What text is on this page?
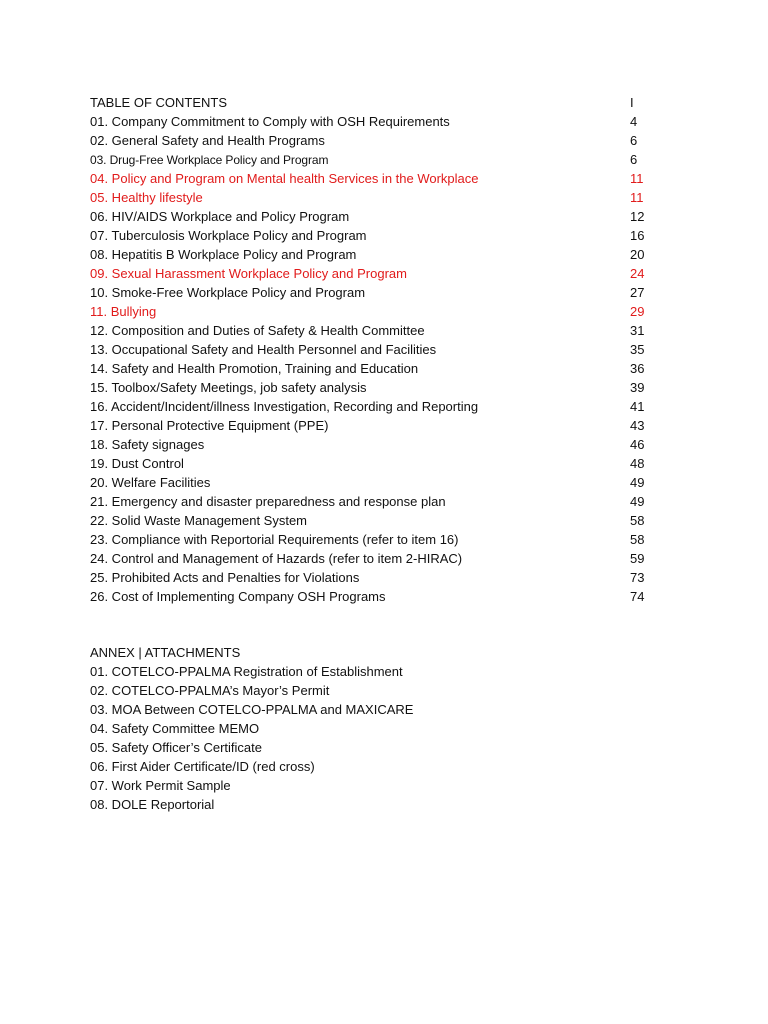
TABLE OF CONTENTS	I
01. Company Commitment to Comply with OSH Requirements	4
02. General Safety and Health Programs	6
03. Drug-Free Workplace Policy and Program	6
04. Policy and Program on Mental health Services in the Workplace	11
05. Healthy lifestyle	11
06. HIV/AIDS Workplace and Policy Program	12
07. Tuberculosis Workplace Policy and Program	16
08. Hepatitis B Workplace Policy and Program	20
09. Sexual Harassment Workplace Policy and Program	24
10. Smoke-Free Workplace Policy and Program	27
11. Bullying	29
12. Composition and Duties of Safety & Health Committee	31
13. Occupational Safety and Health Personnel and Facilities	35
14. Safety and Health Promotion, Training and Education	36
15. Toolbox/Safety Meetings, job safety analysis	39
16. Accident/Incident/illness Investigation, Recording and Reporting	41
17. Personal Protective Equipment (PPE)	43
18. Safety signages	46
19. Dust Control	48
20. Welfare Facilities	49
21. Emergency and disaster preparedness and response plan	49
22. Solid Waste Management System	58
23. Compliance with Reportorial Requirements (refer to item 16)	58
24. Control and Management of Hazards (refer to item 2-HIRAC)	59
25. Prohibited Acts and Penalties for Violations	73
26. Cost of Implementing Company OSH Programs	74
ANNEX | ATTACHMENTS
01. COTELCO-PPALMA Registration of Establishment
02. COTELCO-PPALMA’s Mayor’s Permit
03. MOA Between COTELCO-PPALMA and MAXICARE
04. Safety Committee MEMO
05. Safety Officer’s Certificate
06. First Aider Certificate/ID (red cross)
07. Work Permit Sample
08. DOLE Reportorial
